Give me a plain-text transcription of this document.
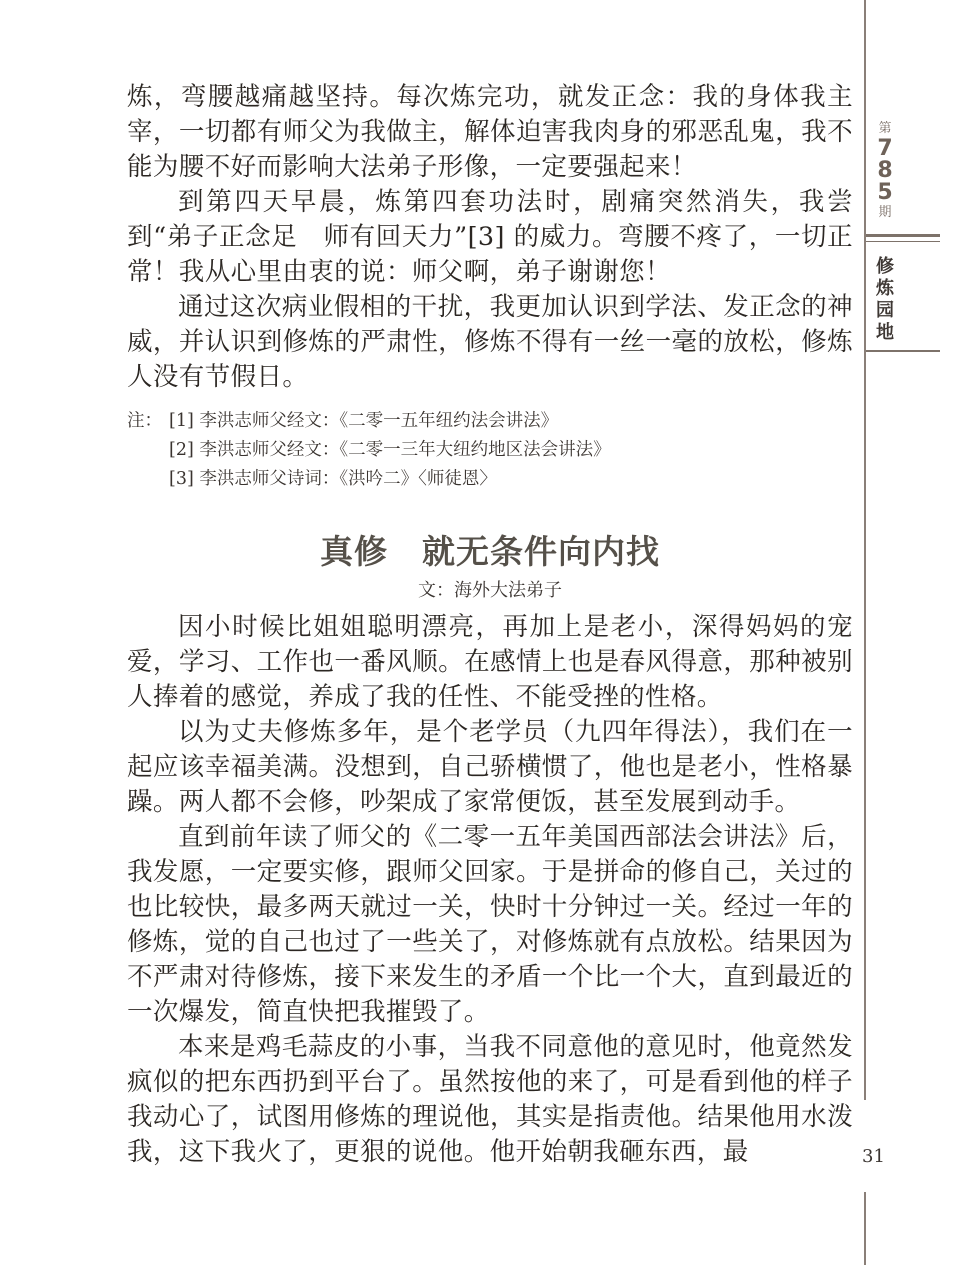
炼，弯腰越痛越坚持。每次炼完功，就发正念：我的身体我主宰，一切都有师父为我做主，解体迫害我肉身的邪恶乱鬼，我不能为腰不好而影响大法弟子形像，一定要强起来！

到第四天早晨，炼第四套功法时，剧痛突然消失，我尝到“弟子正念足　师有回天力”[3] 的威力。弯腰不疼了，一切正常！我从心里由衷的说：师父啊，弟子谢谢您！

通过这次病业假相的干扰，我更加认识到学法、发正念的神威，并认识到修炼的严肃性，修炼不得有一丝一毫的放松，修炼人没有节假日。

注： [1] 李洪志师父经文：《二零一五年纽约法会讲法》
[2] 李洪志师父经文：《二零一三年大纽约地区法会讲法》
[3] 李洪志师父诗词：《洪吟二》〈师徒恩〉
真修　就无条件向内找
文：海外大法弟子

因小时候比姐姐聪明漂亮，再加上是老小，深得妈妈的宠爱，学习、工作也一番风顺。在感情上也是春风得意，那种被别人捧着的感觉，养成了我的任性、不能受挫的性格。

以为丈夫修炼多年，是个老学员（九四年得法），我们在一起应该幸福美满。没想到，自己骄横惯了，他也是老小，性格暴躁。两人都不会修，吵架成了家常便饭，甚至发展到动手。

直到前年读了师父的《二零一五年美国西部法会讲法》后，我发愿，一定要实修，跟师父回家。于是拼命的修自己，关过的也比较快，最多两天就过一关，快时十分钟过一关。经过一年的修炼，觉的自己也过了一些关了，对修炼就有点放松。结果因为不严肃对待修炼，接下来发生的矛盾一个比一个大，直到最近的一次爆发，简直快把我摧毁了。

本来是鸡毛蒜皮的小事，当我不同意他的意见时，他竟然发疯似的把东西扔到平台了。虽然按他的来了，可是看到他的样子我动心了，试图用修炼的理说他，其实是指责他。结果他用水泼我，这下我火了，更狠的说他。他开始朝我砸东西，最

第
7
8
5
期
修
炼
园
地
31
